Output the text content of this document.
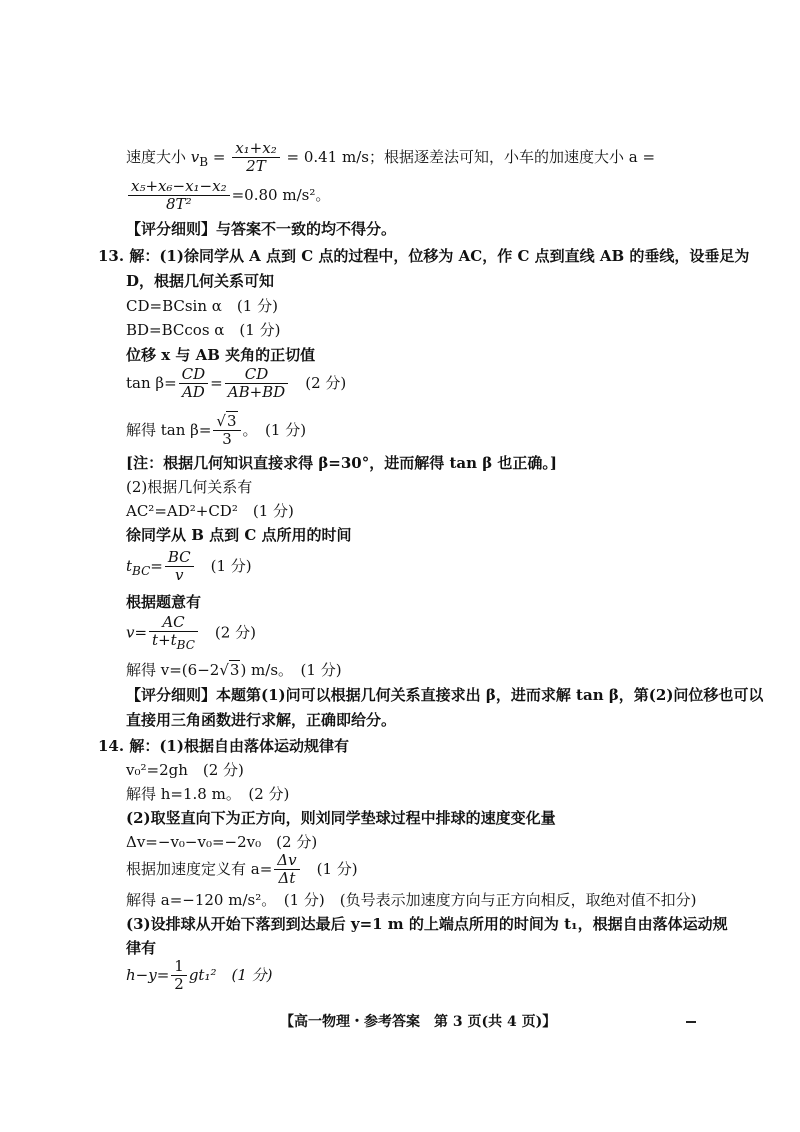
速度大小 $v_B = \frac{\text{x₁+x₂}}{2T} = 0.41$ m/s；根据逐差法可知，小车的加速度大小 a =
$\frac{\text{x₅+x₆−x₁−x₂}}{\text{8T²}} =0.80$ m/s²。
【评分细则】与答案不一致的均不得分。
13. 解：(1)徐同学从 A 点到 C 点的过程中，位移为 AC，作 C 点到直线 AB 的垂线，设垂足为
D，根据几何关系可知
CD=BCsin α　(1 分)
BD=BCcos α　(1 分)
位移 x 与 AB 夹角的正切值
$\tan \beta= \frac{CD}{AD} = \frac{CD}{AB+BD}$ 　(2 分)
解得 $\tan \beta= \frac{√3}{3}$ 。　(1 分)
[注：根据几何知识直接求得 β=30°，进而解得 tan β 也正确。]
(2)根据几何关系有
AC²=AD²+CD²　(1 分)
徐同学从 B 点到 C 点所用的时间
$t_{BC}= \frac{BC}{v}$ 　(1 分)
根据题意有
$v= \frac{AC}{t+t_{BC}}$ 　(2 分)
解得 v=(6−2√3) m/s。　(1 分)
【评分细则】本题第(1)问可以根据几何关系直接求出 β，进而求解 tan β，第(2)问位移也可以
直接用三角函数进行求解，正确即给分。
14. 解：(1)根据自由落体运动规律有
v₀²=2gh　(2 分)
解得 h=1.8 m。　(2 分)
(2)取竖直向下为正方向，则刘同学垫球过程中排球的速度变化量
Δv=−v₀−v₀=−2v₀　(2 分)
根据加速度定义有 $a= \frac{\Delta v}{\Delta t}$ 　(1 分)
解得 a=−120 m/s²。　(1 分)　(负号表示加速度方向与正方向相反，取绝对值不扣分)
(3)设排球从开始下落到到达最后 y=1 m 的上端点所用的时间为 t₁，根据自由落体运动规
律有
$h-y= \frac{1}{2} gt_1^2$　(1 分)
【高一物理・参考答案　第 3 页(共 4 页)】
